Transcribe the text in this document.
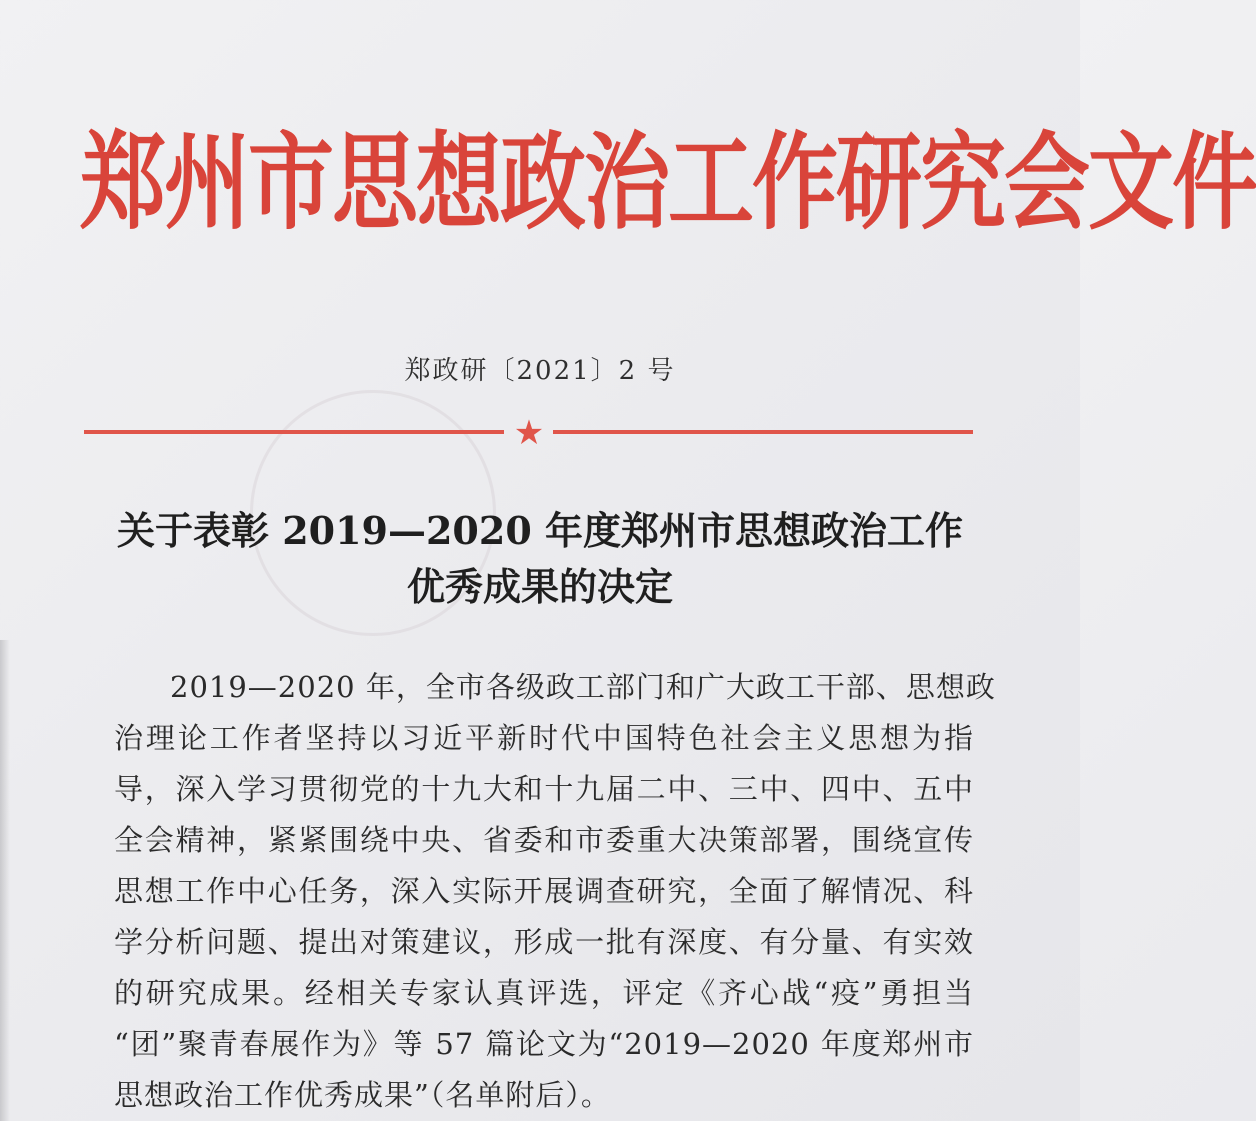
郑州市思想政治工作研究会文件
郑政研〔2021〕2 号
★
关于表彰 2019—2020 年度郑州市思想政治工作
优秀成果的决定
2019—2020 年，全市各级政工部门和广大政工干部、思想政
治理论工作者坚持以习近平新时代中国特色社会主义思想为指
导，深入学习贯彻党的十九大和十九届二中、三中、四中、五中
全会精神，紧紧围绕中央、省委和市委重大决策部署，围绕宣传
思想工作中心任务，深入实际开展调查研究，全面了解情况、科
学分析问题、提出对策建议，形成一批有深度、有分量、有实效
的研究成果。经相关专家认真评选，评定《齐心战“疫”勇担当
“团”聚青春展作为》等 57 篇论文为“2019—2020 年度郑州市
思想政治工作优秀成果”（名单附后）。
